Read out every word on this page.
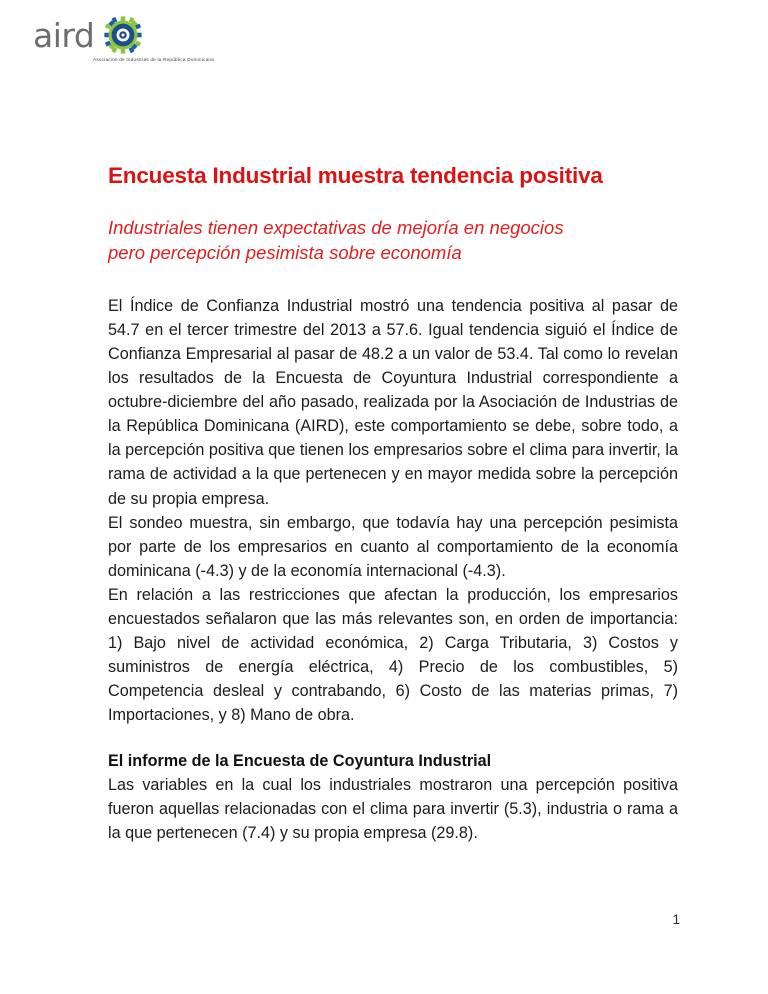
aird
Asociación de Industrias de la República Dominicana
Encuesta Industrial muestra tendencia positiva
Industriales tienen expectativas de mejoría en negocios
pero percepción pesimista sobre economía

El Índice de Confianza Industrial mostró una tendencia positiva al pasar de 54.7 en el tercer trimestre del 2013 a 57.6. Igual tendencia siguió el Índice de Confianza Empresarial al pasar de 48.2 a un valor de 53.4. Tal como lo revelan los resultados de la Encuesta de Coyuntura Industrial correspondiente a octubre-diciembre del año pasado, realizada por la Asociación de Industrias de la República Dominicana (AIRD), este comportamiento se debe, sobre todo, a la percepción positiva que tienen los empresarios sobre el clima para invertir, la rama de actividad a la que pertenecen y en mayor medida sobre la percepción de su propia empresa.

El sondeo muestra, sin embargo, que todavía hay una percepción pesimista por parte de los empresarios en cuanto al comportamiento de la economía dominicana (-4.3) y de la economía internacional (-4.3).

En relación a las restricciones que afectan la producción, los empresarios encuestados señalaron que las más relevantes son, en orden de importancia: 1) Bajo nivel de actividad económica, 2) Carga Tributaria, 3) Costos y suministros de energía eléctrica, 4) Precio de los combustibles, 5) Competencia desleal y contrabando, 6) Costo de las materias primas, 7) Importaciones, y 8) Mano de obra.

El informe de la Encuesta de Coyuntura Industrial

Las variables en la cual los industriales mostraron una percepción positiva fueron aquellas relacionadas con el clima para invertir (5.3), industria o rama a la que pertenecen (7.4) y su propia empresa (29.8).

1
